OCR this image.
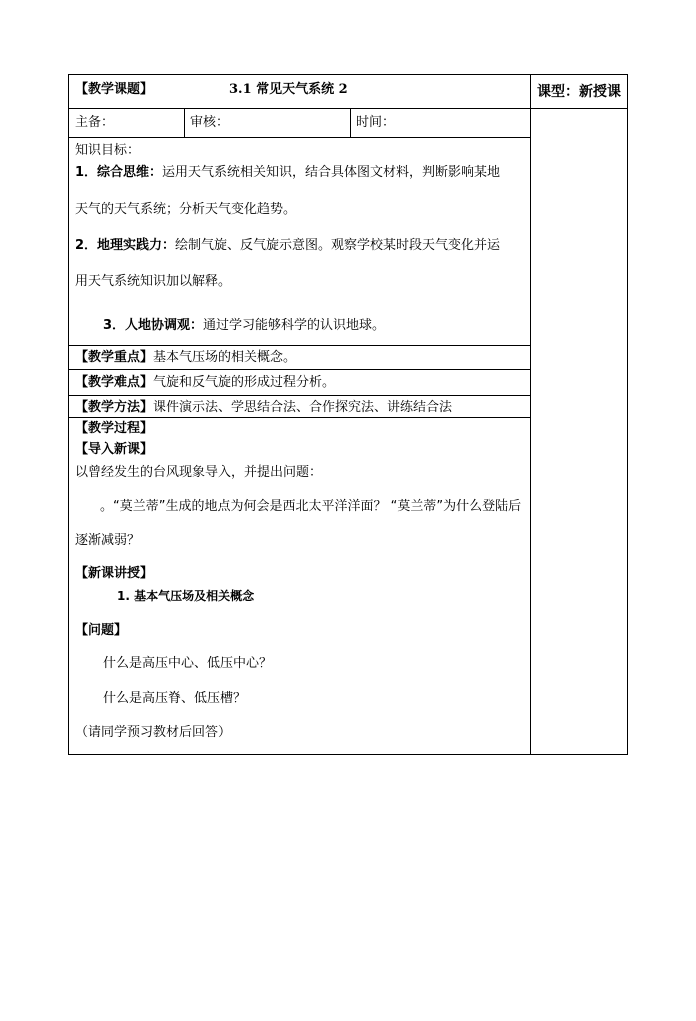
【教学课题】	3.1 常见天气系统 2	课型：新授课
主备：	审核：	时间：
知识目标：
1．综合思维：运用天气系统相关知识，结合具体图文材料，判断影响某地
天气的天气系统；分析天气变化趋势。
2．地理实践力：绘制气旋、反气旋示意图。观察学校某时段天气变化并运
用天气系统知识加以解释。
3．人地协调观：通过学习能够科学的认识地球。
【教学重点】基本气压场的相关概念。
【教学难点】气旋和反气旋的形成过程分析。
【教学方法】课件演示法、学思结合法、合作探究法、讲练结合法
【教学过程】
【导入新课】
以曾经发生的台风现象导入，并提出问题：
。“莫兰蒂”生成的地点为何会是西北太平洋洋面？ “莫兰蒂”为什么登陆后
逐渐减弱？
【新课讲授】
1. 基本气压场及相关概念
【问题】
什么是高压中心、低压中心？
什么是高压脊、低压槽？
（请同学预习教材后回答）
